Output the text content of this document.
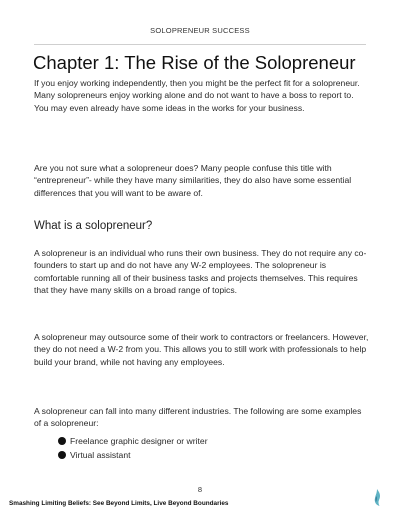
SOLOPRENEUR SUCCESS
Chapter 1: The Rise of the Solopreneur

If you enjoy working independently, then you might be the perfect fit for a solopreneur. Many solopreneurs enjoy working alone and do not want to have a boss to report to. You may even already have some ideas in the works for your business.

Are you not sure what a solopreneur does? Many people confuse this title with “entrepreneur”- while they have many similarities, they do also have some essential differences that you will want to be aware of.

What is a solopreneur?

A solopreneur is an individual who runs their own business. They do not require any co-founders to start up and do not have any W-2 employees. The solopreneur is comfortable running all of their business tasks and projects themselves. This requires that they have many skills on a broad range of topics.

A solopreneur may outsource some of their work to contractors or freelancers. However, they do not need a W-2 from you. This allows you to still work with professionals to help build your brand, while not having any employees.

A solopreneur can fall into many different industries. The following are some examples of a solopreneur:

Freelance graphic designer or writer
Virtual assistant
8
Smashing Limiting Beliefs: See Beyond Limits, Live Beyond Boundaries
